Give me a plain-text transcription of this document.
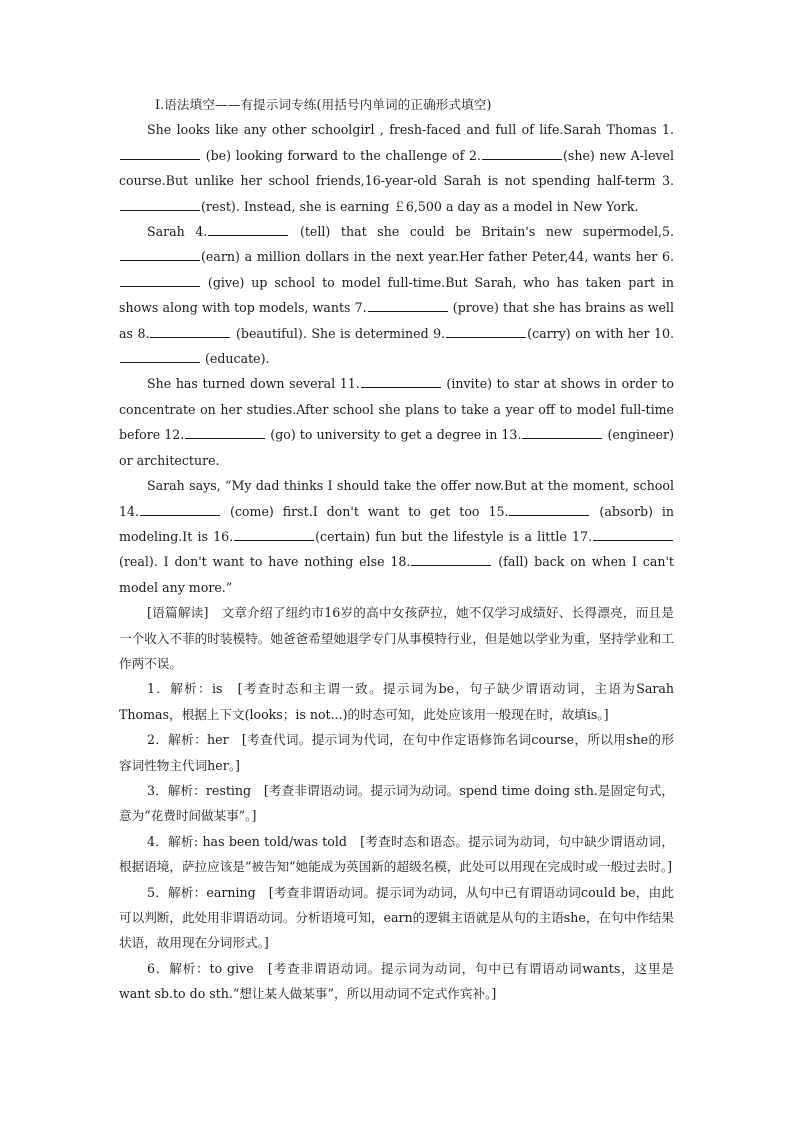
Ⅰ.语法填空——有提示词专练(用括号内单词的正确形式填空)

She looks like any other schoolgirl , fresh-faced and full of life.Sarah Thomas 1. (be) looking forward to the challenge of 2.	(she) new A-level course.But unlike her school friends,16-year-old Sarah is not spending half-term 3.(rest). Instead, she is earning ￡6,500 a day as a model in New York.

Sarah 4.	(tell) that she could be Britain's new supermodel,5.(earn) a million dollars in the next year.Her father Peter,44, wants her 6. (give) up school to model full-time.But Sarah, who has taken part in shows along with top models, wants 7.	(prove) that she has brains as well as 8.	(beautiful). She is determined 9.	(carry) on with her 10. (educate).

She has turned down several 11.	(invite) to star at shows in order to concentrate on her studies.After school she plans to take a year off to model full-time before 12.	(go) to university to get a degree in 13.	(engineer) or architecture.

Sarah says, “My dad thinks I should take the offer now.But at the moment, school 14.	(come) first.I don't want to get too 15.	(absorb) in modeling.It is 16.	(certain) fun but the lifestyle is a little 17. (real). I don't want to have nothing else 18.	(fall) back on when I can't model any more.”

[语篇解读]　文章介绍了纽约市16岁的高中女孩萨拉，她不仅学习成绩好、长得漂亮，而且是一个收入不菲的时装模特。她爸爸希望她退学专门从事模特行业，但是她以学业为重，坚持学业和工作两不误。

1．解析：is　[考查时态和主谓一致。提示词为be，句子缺少谓语动词，主语为Sarah Thomas，根据上下文(looks；is not...)的时态可知，此处应该用一般现在时，故填is。]

2．解析：her　[考查代词。提示词为代词，在句中作定语修饰名词course，所以用she的形容词性物主代词her。]

3．解析：resting　[考查非谓语动词。提示词为动词。spend time doing sth.是固定句式，意为“花费时间做某事”。]

4．解析: has been told/was told　[考查时态和语态。提示词为动词，句中缺少谓语动词，根据语境，萨拉应该是“被告知”她能成为英国新的超级名模，此处可以用现在完成时或一般过去时。]

5．解析：earning　[考查非谓语动词。提示词为动词，从句中已有谓语动词could be，由此可以判断，此处用非谓语动词。分析语境可知，earn的逻辑主语就是从句的主语she，在句中作结果状语，故用现在分词形式。]

6．解析：to give　[考查非谓语动词。提示词为动词，句中已有谓语动词wants，这里是want sb.to do sth.“想让某人做某事”，所以用动词不定式作宾补。]
